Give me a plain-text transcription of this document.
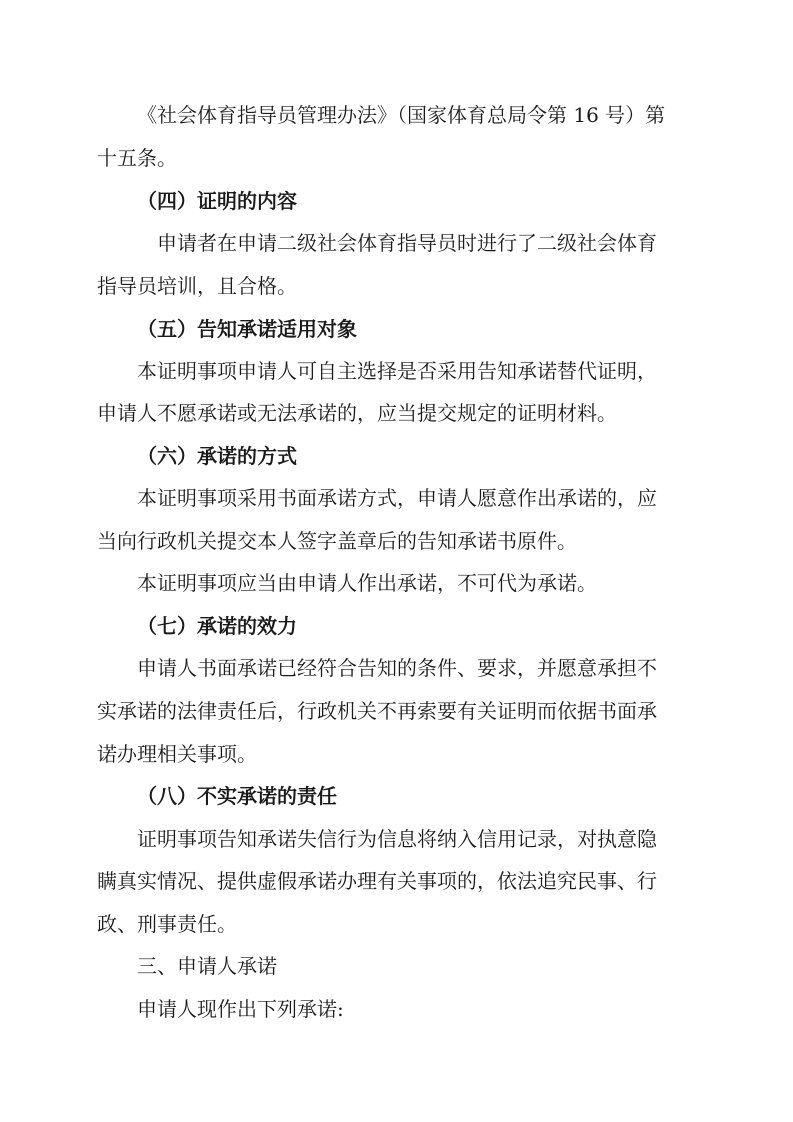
《社会体育指导员管理办法》（国家体育总局令第 16 号）第
十五条。
（四）证明的内容
申请者在申请二级社会体育指导员时进行了二级社会体育
指导员培训，且合格。
（五）告知承诺适用对象
本证明事项申请人可自主选择是否采用告知承诺替代证明，
申请人不愿承诺或无法承诺的，应当提交规定的证明材料。
（六）承诺的方式
本证明事项采用书面承诺方式，申请人愿意作出承诺的，应
当向行政机关提交本人签字盖章后的告知承诺书原件。
本证明事项应当由申请人作出承诺，不可代为承诺。
（七）承诺的效力
申请人书面承诺已经符合告知的条件、要求，并愿意承担不
实承诺的法律责任后，行政机关不再索要有关证明而依据书面承
诺办理相关事项。
（八）不实承诺的责任
证明事项告知承诺失信行为信息将纳入信用记录，对执意隐
瞒真实情况、提供虚假承诺办理有关事项的，依法追究民事、行
政、刑事责任。
三、申请人承诺
申请人现作出下列承诺:
